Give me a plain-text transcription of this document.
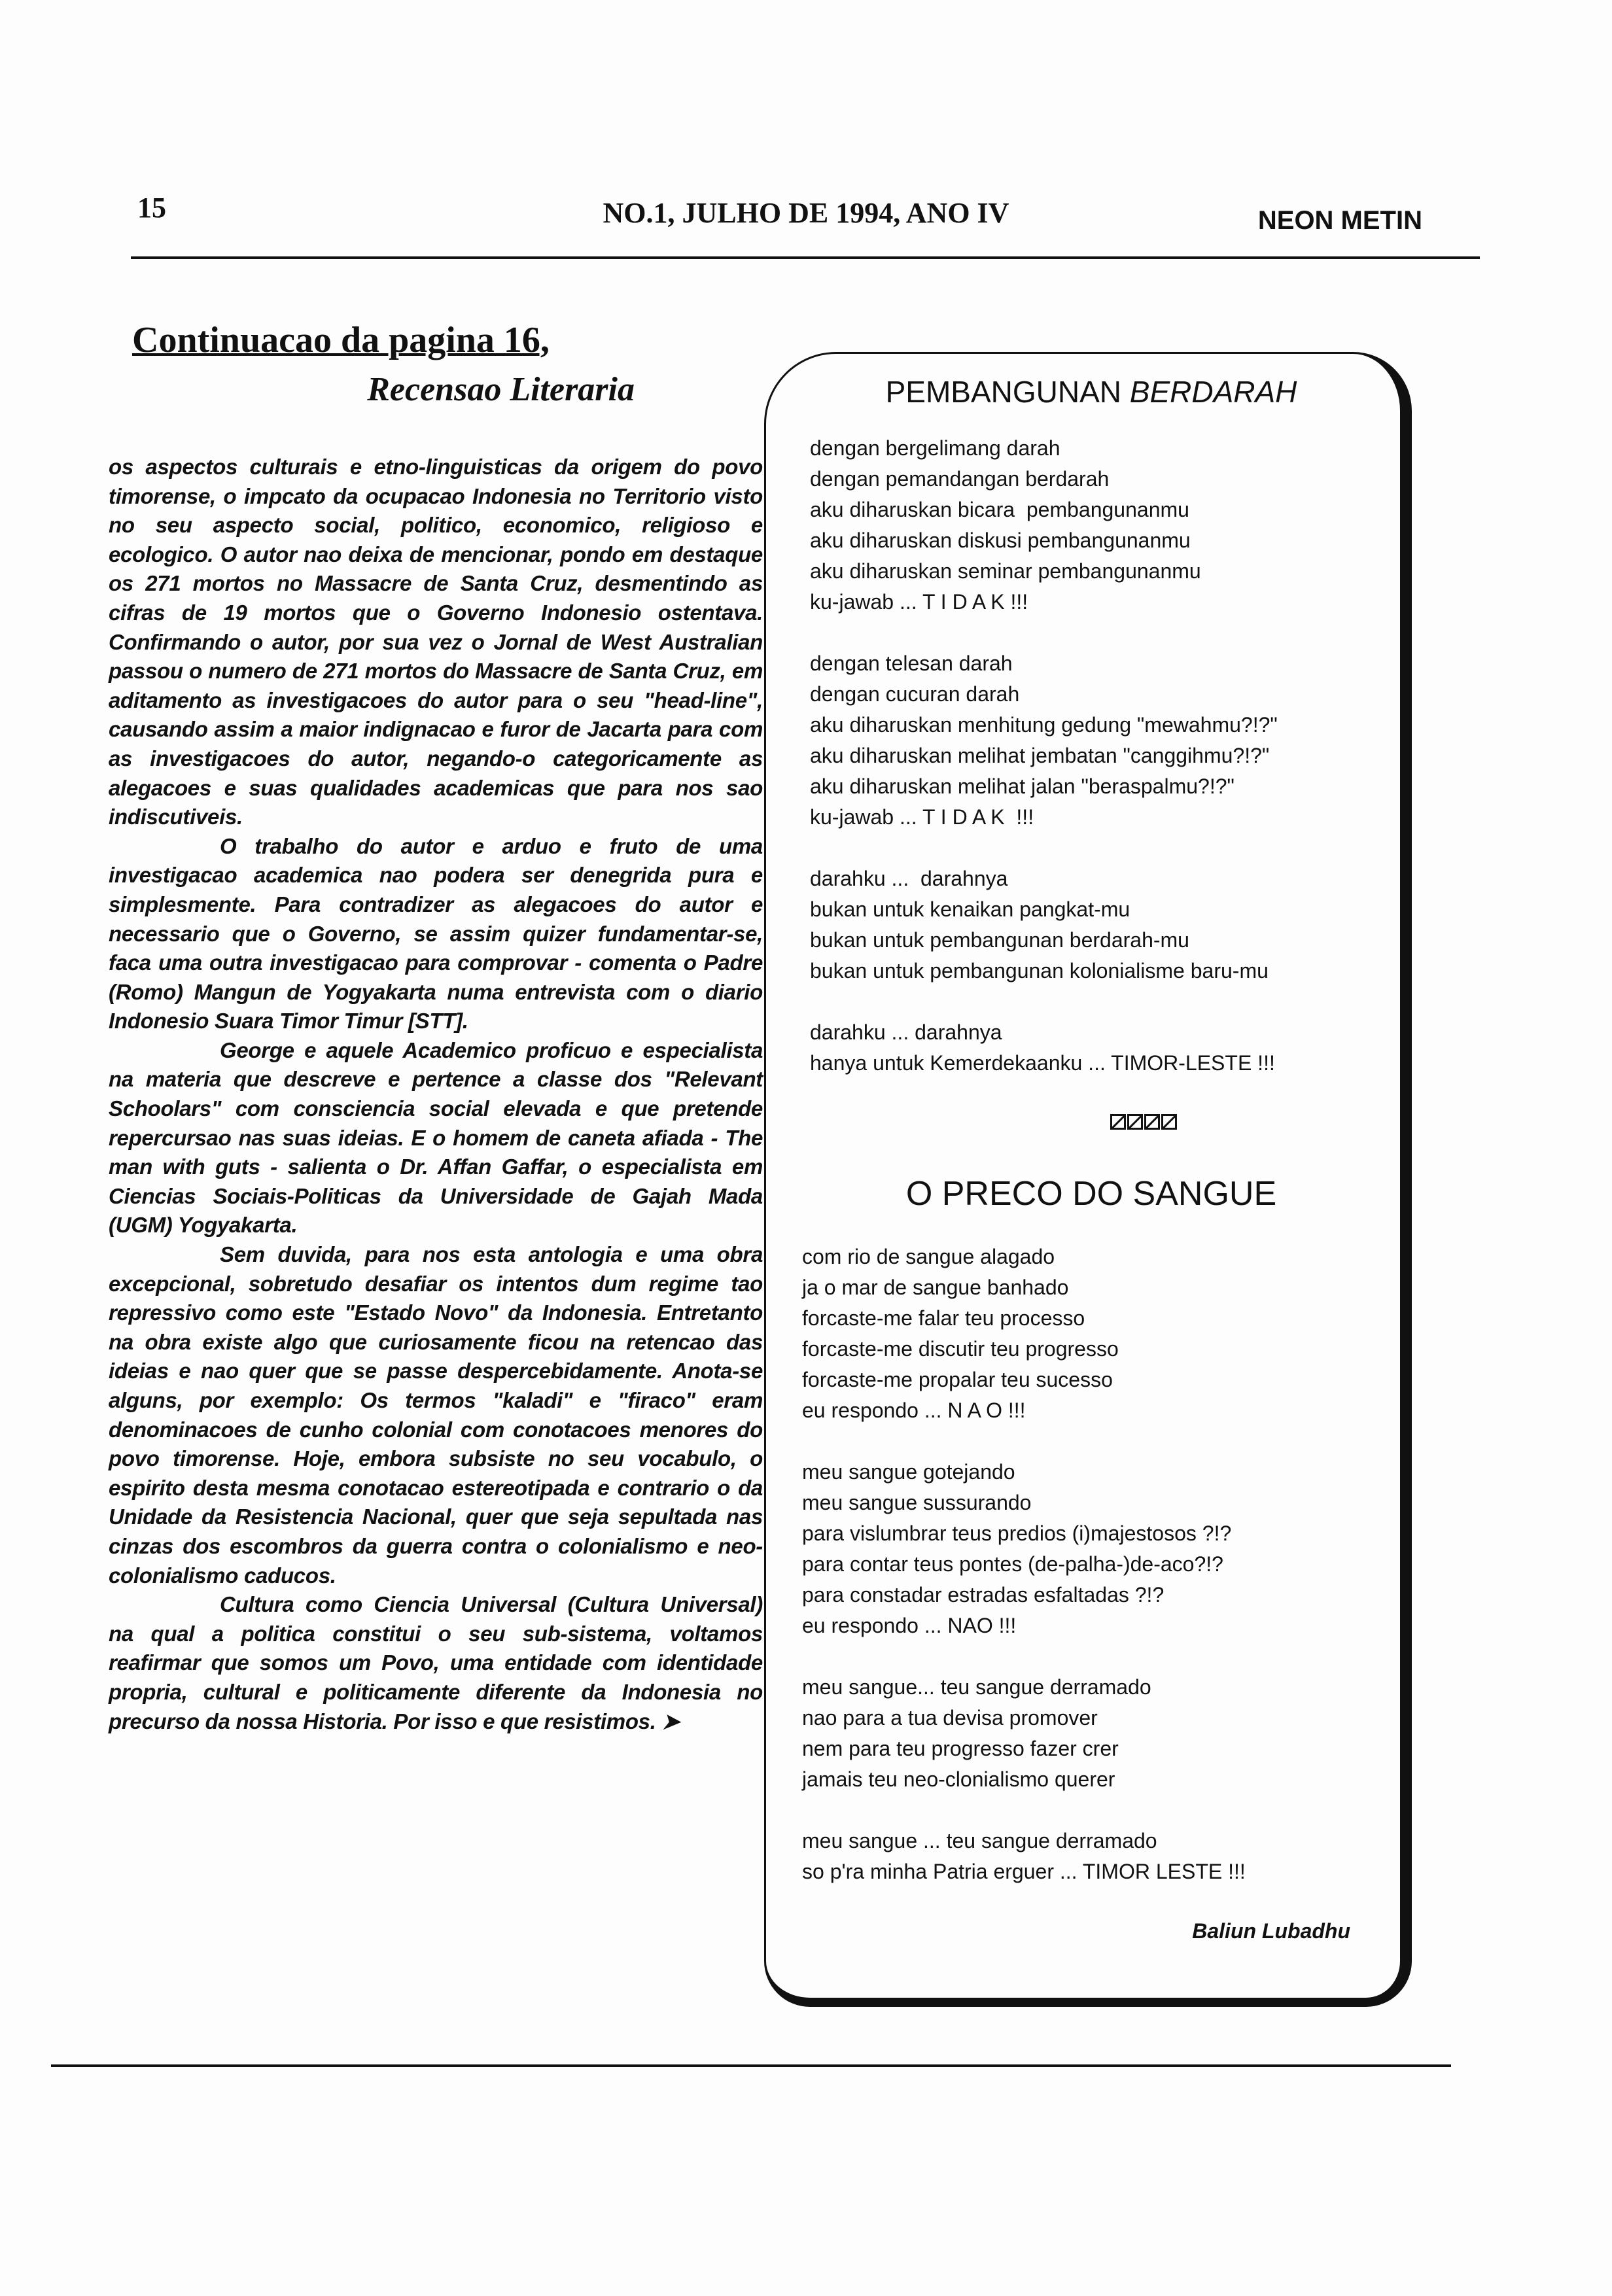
15	NO.1, JULHO DE 1994, ANO IV	NEON METIN
Continuacao da pagina 16,
Recensao Literaria

os aspectos culturais e etno-linguisticas da origem do povo timorense, o impcato da ocupacao Indonesia no Territorio visto no seu aspecto social, politico, economico, religioso e ecologico. O autor nao deixa de mencionar, pondo em destaque os 271 mortos no Massacre de Santa Cruz, desmentindo as cifras de 19 mortos que o Governo Indonesio ostentava. Confirmando o autor, por sua vez o Jornal de West Australian passou o numero de 271 mortos do Massacre de Santa Cruz, em aditamento as investigacoes do autor para o seu "head-line", causando assim a maior indignacao e furor de Jacarta para com as investigacoes do autor, negando-o categoricamente as alegacoes e suas qualidades academicas que para nos sao indiscutiveis.

O trabalho do autor e arduo e fruto de uma investigacao academica nao podera ser denegrida pura e simplesmente. Para contradizer as alegacoes do autor e necessario que o Governo, se assim quizer fundamentar-se, faca uma outra investigacao para comprovar - comenta o Padre (Romo) Mangun de Yogyakarta numa entrevista com o diario Indonesio Suara Timor Timur [STT].

George e aquele Academico proficuo e especialista na materia que descreve e pertence a classe dos "Relevant Schoolars" com consciencia social elevada e que pretende repercursao nas suas ideias. E o homem de caneta afiada - The man with guts - salienta o Dr. Affan Gaffar, o especialista em Ciencias Sociais-Politicas da Universidade de Gajah Mada (UGM) Yogyakarta.

Sem duvida, para nos esta antologia e uma obra excepcional, sobretudo desafiar os intentos dum regime tao repressivo como este "Estado Novo" da Indonesia. Entretanto na obra existe algo que curiosamente ficou na retencao das ideias e nao quer que se passe despercebidamente. Anota-se alguns, por exemplo: Os termos "kaladi" e "firaco" eram denominacoes de cunho colonial com conotacoes menores do povo timorense. Hoje, embora subsiste no seu vocabulo, o espirito desta mesma conotacao estereotipada e contrario o da Unidade da Resistencia Nacional, quer que seja sepultada nas cinzas dos escombros da guerra contra o colonialismo e neo-colonialismo caducos.

Cultura como Ciencia Universal (Cultura Universal) na qual a politica constitui o seu sub-sistema, voltamos reafirmar que somos um Povo, uma entidade com identidade propria, cultural e politicamente diferente da Indonesia no precurso da nossa Historia. Por isso e que resistimos. ➤

PEMBANGUNAN BERDARAH
dengan bergelimang darah
dengan pemandangan berdarah
aku diharuskan bicara  pembangunanmu
aku diharuskan diskusi pembangunanmu
aku diharuskan seminar pembangunanmu
ku-jawab ... T I D A K !!!
dengan telesan darah
dengan cucuran darah
aku diharuskan menhitung gedung "mewahmu?!?"
aku diharuskan melihat jembatan "canggihmu?!?"
aku diharuskan melihat jalan "beraspalmu?!?"
ku-jawab ... T I D A K  !!!
darahku ...  darahnya
bukan untuk kenaikan pangkat-mu
bukan untuk pembangunan berdarah-mu
bukan untuk pembangunan kolonialisme baru-mu
darahku ... darahnya
hanya untuk Kemerdekaanku ... TIMOR-LESTE !!!
O PRECO DO SANGUE
com rio de sangue alagado
ja o mar de sangue banhado
forcaste-me falar teu processo
forcaste-me discutir teu progresso
forcaste-me propalar teu sucesso
eu respondo ... N A O !!!
meu sangue gotejando
meu sangue sussurando
para vislumbrar teus predios (i)majestosos ?!?
para contar teus pontes (de-palha-)de-aco?!?
para constadar estradas esfaltadas ?!?
eu respondo ... NAO !!!
meu sangue... teu sangue derramado
nao para a tua devisa promover
nem para teu progresso fazer crer
jamais teu neo-clonialismo querer
meu sangue ... teu sangue derramado
so p'ra minha Patria erguer ... TIMOR LESTE !!!
Baliun Lubadhu
